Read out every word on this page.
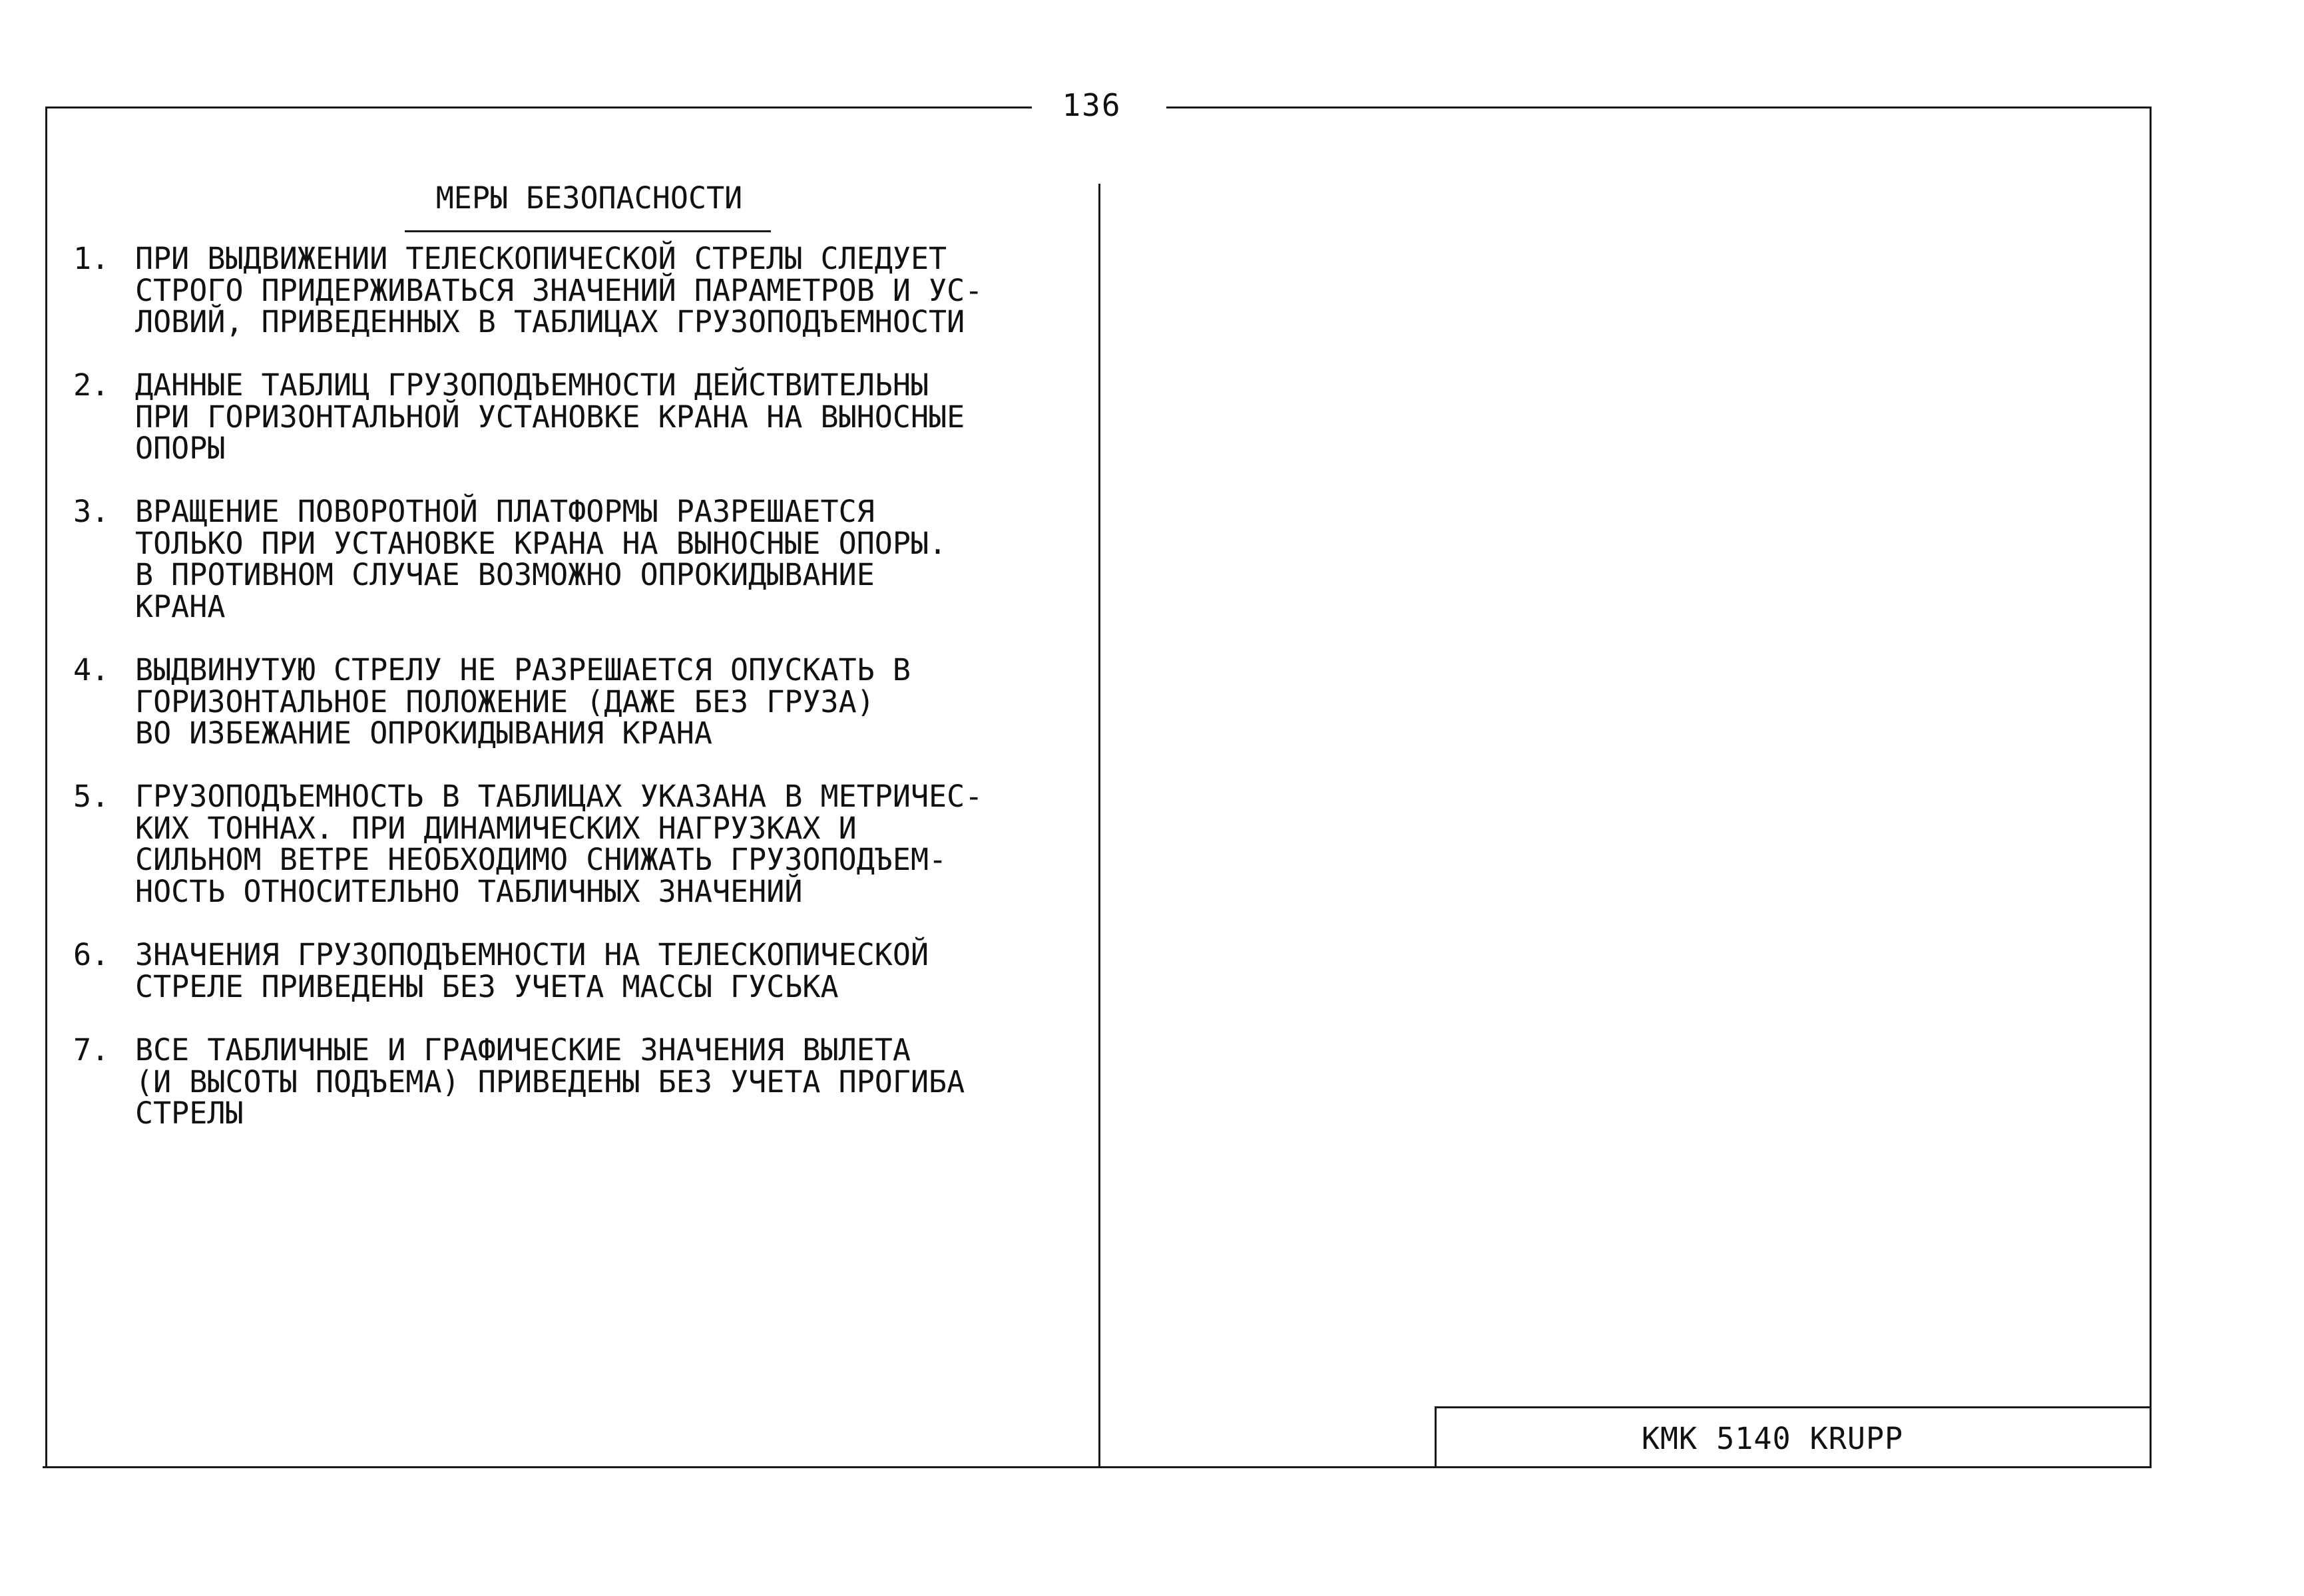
136
МЕРЫ БЕЗОПАСНОСТИ
1. ПРИ ВЫДВИЖЕНИИ ТЕЛЕСКОПИЧЕСКОЙ СТРЕЛЫ СЛЕДУЕТ
СТРОГО ПРИДЕРЖИВАТЬСЯ ЗНАЧЕНИЙ ПАРАМЕТРОВ И УС-
ЛОВИЙ, ПРИВЕДЕННЫХ В ТАБЛИЦАХ ГРУЗОПОДЪЕМНОСТИ
2. ДАННЫЕ ТАБЛИЦ ГРУЗОПОДЪЕМНОСТИ ДЕЙСТВИТЕЛЬНЫ
ПРИ ГОРИЗОНТАЛЬНОЙ УСТАНОВКЕ КРАНА НА ВЫНОСНЫЕ
ОПОРЫ
3. ВРАЩЕНИЕ ПОВОРОТНОЙ ПЛАТФОРМЫ РАЗРЕШАЕТСЯ
ТОЛЬКО ПРИ УСТАНОВКЕ КРАНА НА ВЫНОСНЫЕ ОПОРЫ.
В ПРОТИВНОМ СЛУЧАЕ ВОЗМОЖНО ОПРОКИДЫВАНИЕ
КРАНА
4. ВЫДВИНУТУЮ СТРЕЛУ НЕ РАЗРЕШАЕТСЯ ОПУСКАТЬ В
ГОРИЗОНТАЛЬНОЕ ПОЛОЖЕНИЕ (ДАЖЕ БЕЗ ГРУЗА)
ВО ИЗБЕЖАНИЕ ОПРОКИДЫВАНИЯ КРАНА
5. ГРУЗОПОДЪЕМНОСТЬ В ТАБЛИЦАХ УКАЗАНА В МЕТРИЧЕС-
КИХ ТОННАХ. ПРИ ДИНАМИЧЕСКИХ НАГРУЗКАХ И
СИЛЬНОМ ВЕТРЕ НЕОБХОДИМО СНИЖАТЬ ГРУЗОПОДЪЕМ-
НОСТЬ ОТНОСИТЕЛЬНО ТАБЛИЧНЫХ ЗНАЧЕНИЙ
6. ЗНАЧЕНИЯ ГРУЗОПОДЪЕМНОСТИ НА ТЕЛЕСКОПИЧЕСКОЙ
СТРЕЛЕ ПРИВЕДЕНЫ БЕЗ УЧЕТА МАССЫ ГУСЬКА
7. ВСЕ ТАБЛИЧНЫЕ И ГРАФИЧЕСКИЕ ЗНАЧЕНИЯ ВЫЛЕТА
(И ВЫСОТЫ ПОДЪЕМА) ПРИВЕДЕНЫ БЕЗ УЧЕТА ПРОГИБА
СТРЕЛЫ
КМК 5140 KRUPP
